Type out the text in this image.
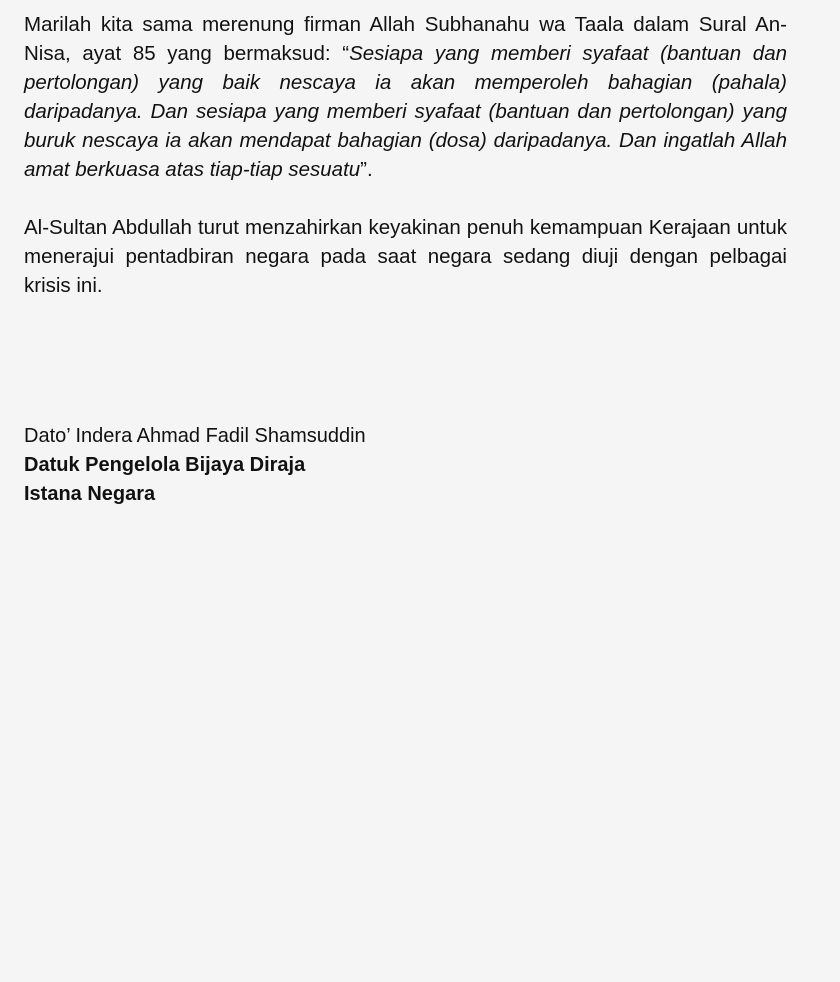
Marilah kita sama merenung firman Allah Subhanahu wa Taala dalam Sural An-Nisa, ayat 85 yang bermaksud: “Sesiapa yang memberi syafaat (bantuan dan pertolongan) yang baik nescaya ia akan memperoleh bahagian (pahala) daripadanya. Dan sesiapa yang memberi syafaat (bantuan dan pertolongan) yang buruk nescaya ia akan mendapat bahagian (dosa) daripadanya. Dan ingatlah Allah amat berkuasa atas tiap-tiap sesuatu”.

Al-Sultan Abdullah turut menzahirkan keyakinan penuh kemampuan Kerajaan untuk menerajui pentadbiran negara pada saat negara sedang diuji dengan pelbagai krisis ini.

Dato’ Indera Ahmad Fadil Shamsuddin
Datuk Pengelola Bijaya Diraja
Istana Negara
